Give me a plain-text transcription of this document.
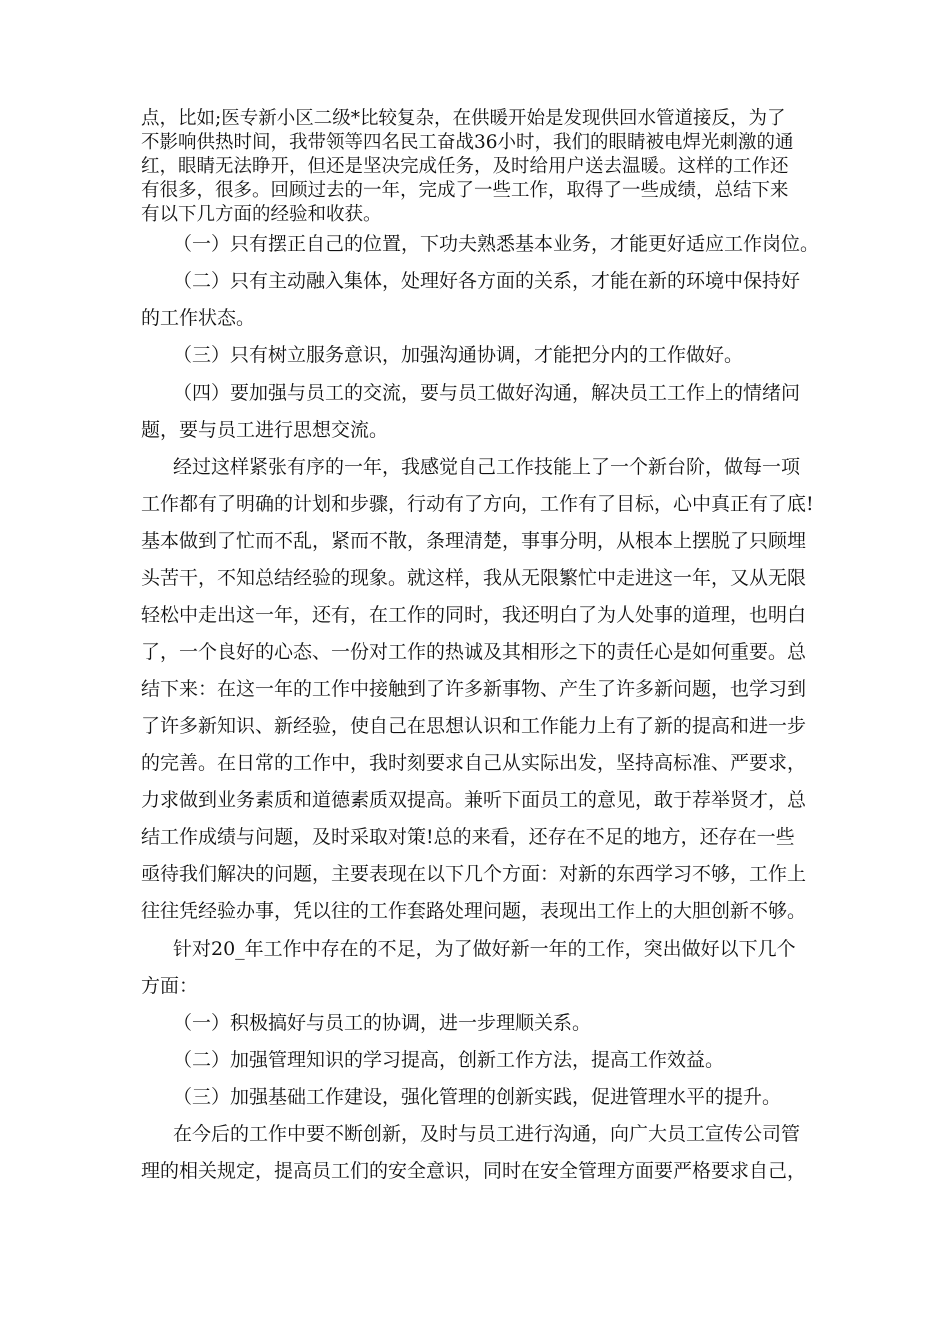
点，比如;医专新小区二级*比较复杂，在供暖开始是发现供回水管道接反，为了
不影响供热时间，我带领等四名民工奋战36小时，我们的眼睛被电焊光刺激的通
红，眼睛无法睁开，但还是坚决完成任务，及时给用户送去温暖。这样的工作还
有很多，很多。回顾过去的一年，完成了一些工作，取得了一些成绩，总结下来
有以下几方面的经验和收获。
（一）只有摆正自己的位置，下功夫熟悉基本业务，才能更好适应工作岗位。
（二）只有主动融入集体，处理好各方面的关系，才能在新的环境中保持好
的工作状态。
（三）只有树立服务意识，加强沟通协调，才能把分内的工作做好。
（四）要加强与员工的交流，要与员工做好沟通，解决员工工作上的情绪问
题，要与员工进行思想交流。
经过这样紧张有序的一年，我感觉自己工作技能上了一个新台阶，做每一项
工作都有了明确的计划和步骤，行动有了方向，工作有了目标，心中真正有了底!
基本做到了忙而不乱，紧而不散，条理清楚，事事分明，从根本上摆脱了只顾埋
头苦干，不知总结经验的现象。就这样，我从无限繁忙中走进这一年，又从无限
轻松中走出这一年，还有，在工作的同时，我还明白了为人处事的道理，也明白
了，一个良好的心态、一份对工作的热诚及其相形之下的责任心是如何重要。总
结下来：在这一年的工作中接触到了许多新事物、产生了许多新问题，也学习到
了许多新知识、新经验，使自己在思想认识和工作能力上有了新的提高和进一步
的完善。在日常的工作中，我时刻要求自己从实际出发，坚持高标准、严要求，
力求做到业务素质和道德素质双提高。兼听下面员工的意见，敢于荐举贤才，总
结工作成绩与问题，及时采取对策!总的来看，还存在不足的地方，还存在一些
亟待我们解决的问题，主要表现在以下几个方面：对新的东西学习不够，工作上
往往凭经验办事，凭以往的工作套路处理问题，表现出工作上的大胆创新不够。
针对20_年工作中存在的不足，为了做好新一年的工作，突出做好以下几个
方面：
（一）积极搞好与员工的协调，进一步理顺关系。
（二）加强管理知识的学习提高，创新工作方法，提高工作效益。
（三）加强基础工作建设，强化管理的创新实践，促进管理水平的提升。
在今后的工作中要不断创新，及时与员工进行沟通，向广大员工宣传公司管
理的相关规定，提高员工们的安全意识，同时在安全管理方面要严格要求自己，
